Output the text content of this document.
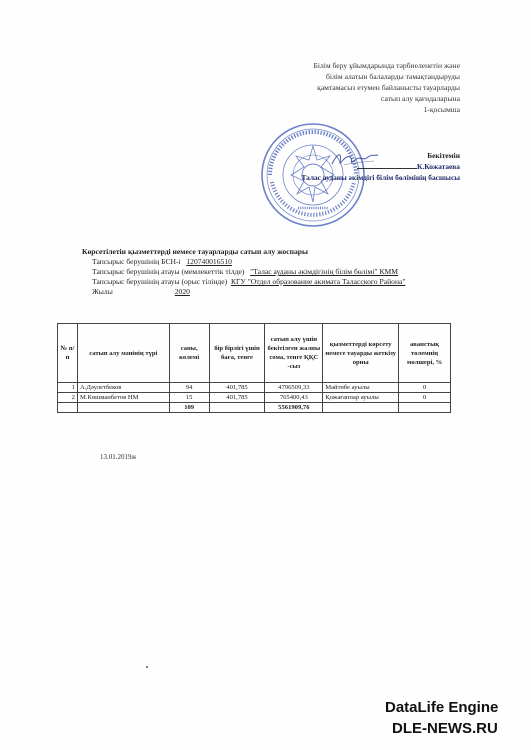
Білім беру ұйымдарында тәрбиеленетін және
білім алатын балаларды тамақтандыруды
қамтамасыз етумен байланысты тауарларды
сатып алу қағидаларына
1-қосымша
Бекітемін
К.Кожатаева
Талас ауданы әкімдігі білім бөлімінің басшысы
Көрсетілетін қызметтерді немесе тауарларды сатып алу жоспары
Тапсырыс берушінің БСН-і 120740016510
Тапсырыс берушінің атауы (мемлекеттік тілде) "Талас ауданы әкімдігінің білім бөлімі" КММ
Тапсырыс берушінің атауы (орыс тілінде) КГУ "Отдел образование акимата Таласского Района"
Жылы	2020
№ п/п	сатып алу мәнінің түрі	саны, көлемі	бір бірлігі үшін баға, тенге	сатып алу үшін бекітілген жалпы сома, тенге ҚҚС -сыз	қызметтерді көрсету немесе тауарды жеткізу орны	аванстық төлемнің мөлшері, %
1	А.Дәулетбеков	94	401,785	4796509,33	Майтөбе ауылы	0
2	М.Көшманбетов НМ	15	401,785	765400,43	Қожағаппар ауылы	0
		109		5561909,76		
13.01.2019ж
DataLife Engine
DLE-NEWS.RU
